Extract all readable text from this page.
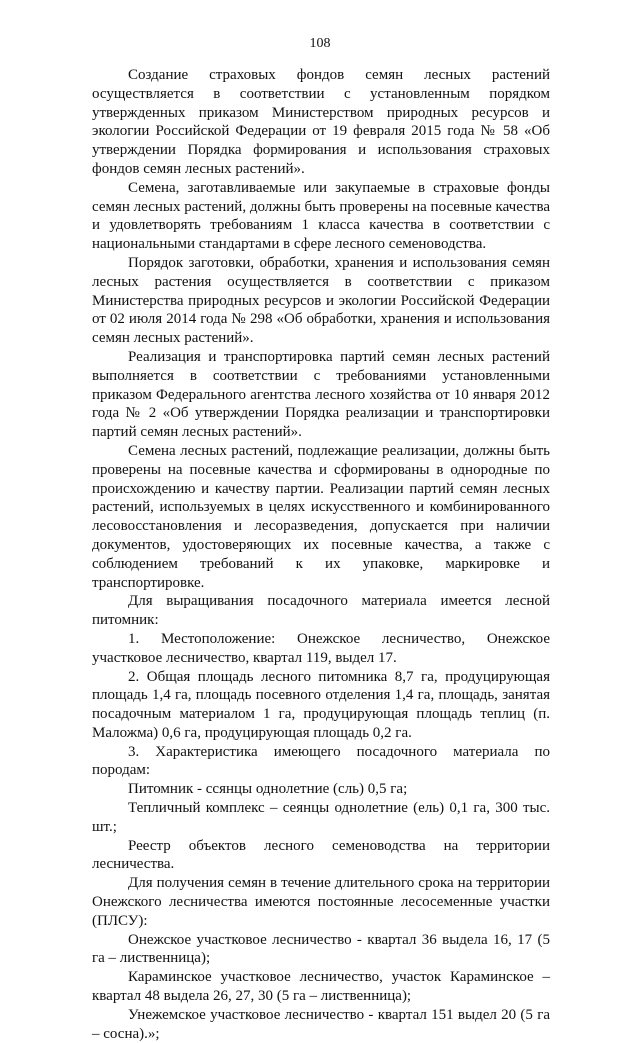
108

Создание страховых фондов семян лесных растений осуществляется в соответствии с установленным порядком утвержденных приказом Министерством природных ресурсов и экологии Российской Федерации от 19 февраля 2015 года № 58 «Об утверждении Порядка формирования и использования страховых фондов семян лесных растений».

Семена, заготавливаемые или закупаемые в страховые фонды семян лесных растений, должны быть проверены на посевные качества и удовлетворять требованиям 1 класса качества в соответствии с национальными стандартами в сфере лесного семеноводства.

Порядок заготовки, обработки, хранения и использования семян лесных растения осуществляется в соответствии с приказом Министерства природных ресурсов и экологии Российской Федерации от 02 июля 2014 года № 298 «Об обработки, хранения и использования семян лесных растений».

Реализация и транспортировка партий семян лесных растений выполняется в соответствии с требованиями установленными приказом Федерального агентства лесного хозяйства от 10 января 2012 года № 2 «Об утверждении Порядка реализации и транспортировки партий семян лесных растений».

Семена лесных растений, подлежащие реализации, должны быть проверены на посевные качества и сформированы в однородные по происхождению и качеству партии. Реализации партий семян лесных растений, используемых в целях искусственного и комбинированного лесовосстановления и лесоразведения, допускается при наличии документов, удостоверяющих их посевные качества, а также с соблюдением требований к их упаковке, маркировке и транспортировке.

Для выращивания посадочного материала имеется лесной питомник:

1. Местоположение: Онежское лесничество, Онежское участковое лесничество, квартал 119, выдел 17.

2. Общая площадь лесного питомника 8,7 га, продуцирующая площадь 1,4 га, площадь посевного отделения 1,4 га, площадь, занятая посадочным материалом 1 га, продуцирующая площадь теплиц (п. Маложма) 0,6 га, продуцирующая площадь 0,2 га.

3. Характеристика имеющего посадочного материала по породам:

Питомник - ссянцы однолетние (сль) 0,5 га;

Тепличный комплекс – сеянцы однолетние (ель) 0,1 га, 300 тыс. шт.;

Реестр объектов лесного семеноводства на территории лесничества.

Для получения семян в течение длительного срока на территории Онежского лесничества имеются постоянные лесосеменные участки (ПЛСУ):

Онежское участковое лесничество - квартал 36 выдела 16, 17 (5 га – лиственница);

Караминское участковое лесничество, участок Караминское – квартал 48 выдела 26, 27, 30 (5 га – лиственница);

Унежемское участковое лесничество - квартал 151 выдел 20 (5 га – сосна).»;
